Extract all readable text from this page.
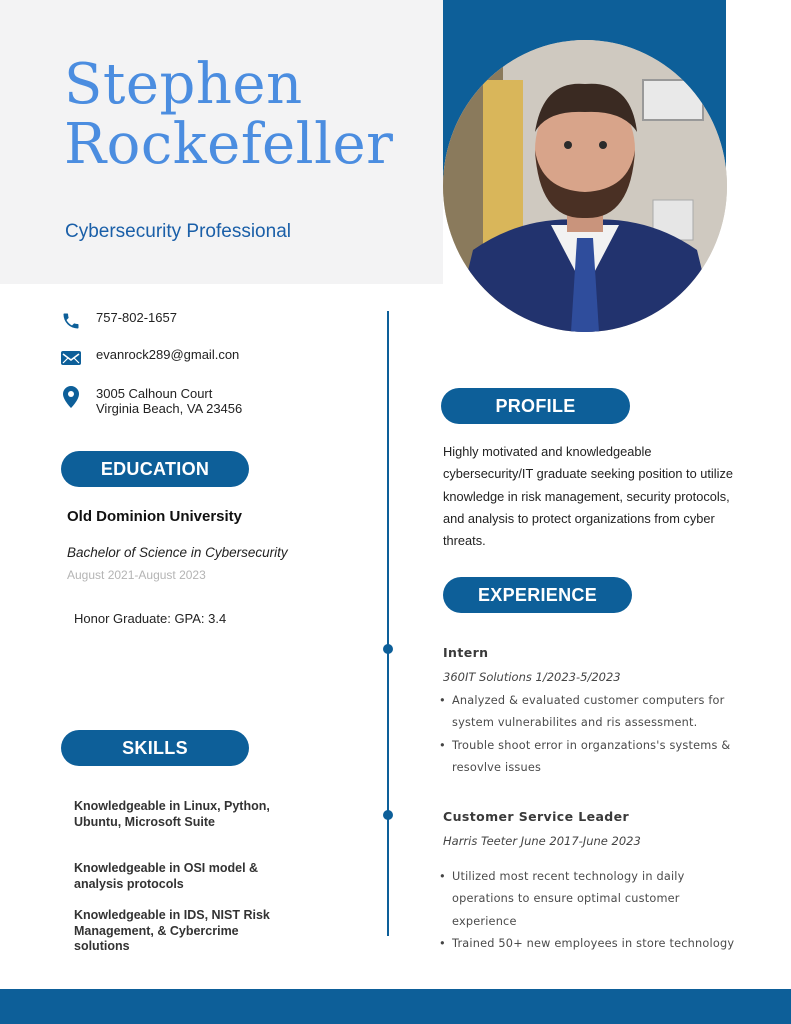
Stephen
Rockefeller
Cybersecurity Professional
757-802-1657
evanrock289@gmail.con
3005 Calhoun Court
Virginia Beach, VA 23456
EDUCATION
Old Dominion University
Bachelor of Science in Cybersecurity
August 2021-August 2023
Honor Graduate: GPA: 3.4
SKILLS
Knowledgeable in Linux, Python, Ubuntu, Microsoft Suite
Knowledgeable in OSI model & analysis protocols
Knowledgeable in IDS, NIST Risk Management, & Cybercrime solutions
PROFILE
Highly motivated and knowledgeable cybersecurity/IT graduate seeking position to utilize knowledge in risk management, security protocols, and analysis to protect organizations from cyber threats.
EXPERIENCE
Intern
360IT Solutions 1/2023-5/2023
• Analyzed & evaluated customer computers for system vulnerabilites and ris assessment.
• Trouble shoot error in organzations's systems & resovlve issues
Customer Service Leader
Harris Teeter June 2017-June 2023
• Utilized most recent technology in daily operations to ensure optimal customer experience
• Trained 50+ new employees in store technology
